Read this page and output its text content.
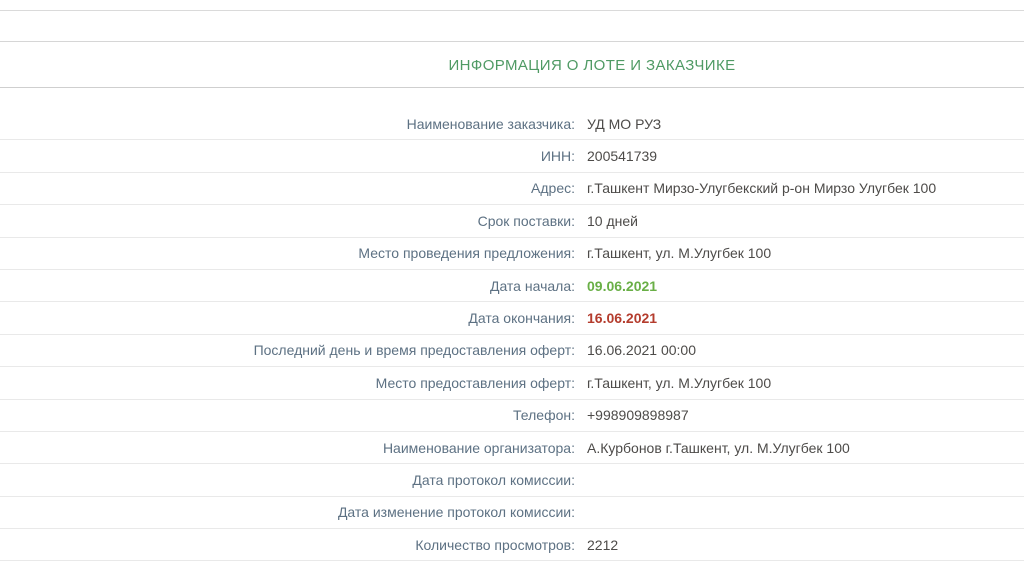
ИНФОРМАЦИЯ О ЛОТЕ И ЗАКАЗЧИКЕ
Наименование заказчика: УД МО РУЗ
ИНН: 200541739
Адрес: г.Ташкент Мирзо-Улугбекский р-он Мирзо Улугбек 100
Срок поставки: 10 дней
Место проведения предложения: г.Ташкент, ул. М.Улугбек 100
Дата начала: 09.06.2021
Дата окончания: 16.06.2021
Последний день и время предоставления оферт: 16.06.2021 00:00
Место предоставления оферт: г.Ташкент, ул. М.Улугбек 100
Телефон: +998909898987
Наименование организатора: А.Курбонов г.Ташкент, ул. М.Улугбек 100
Дата протокол комиссии:
Дата изменение протокол комиссии:
Количество просмотров: 2212
